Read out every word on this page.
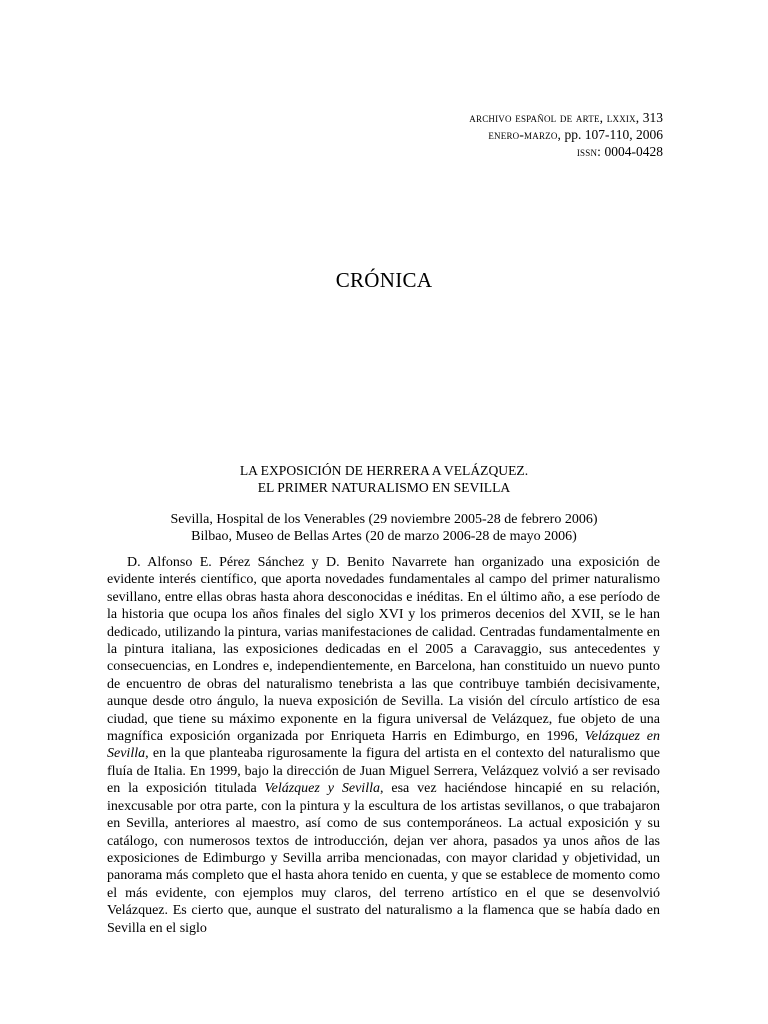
archivo español de arte, lxxix, 313
enero-marzo, pp. 107-110, 2006
issn: 0004-0428
CRÓNICA
LA EXPOSICIÓN DE HERRERA A VELÁZQUEZ.
EL PRIMER NATURALISMO EN SEVILLA
Sevilla, Hospital de los Venerables (29 noviembre 2005-28 de febrero 2006)
Bilbao, Museo de Bellas Artes (20 de marzo 2006-28 de mayo 2006)

D. Alfonso E. Pérez Sánchez y D. Benito Navarrete han organizado una exposición de evidente interés científico, que aporta novedades fundamentales al campo del primer naturalismo sevillano, entre ellas obras hasta ahora desconocidas e inéditas. En el último año, a ese período de la historia que ocupa los años finales del siglo XVI y los primeros decenios del XVII, se le han dedicado, utilizando la pintura, varias manifestaciones de calidad. Centradas fundamentalmente en la pintura italiana, las exposiciones dedicadas en el 2005 a Caravaggio, sus antecedentes y consecuencias, en Londres e, independientemente, en Barcelona, han constituido un nuevo punto de encuentro de obras del naturalismo tenebrista a las que contribuye también decisivamente, aunque desde otro ángulo, la nueva exposición de Sevilla. La visión del círculo artístico de esa ciudad, que tiene su máximo exponente en la figura universal de Velázquez, fue objeto de una magnífica exposición organizada por Enriqueta Harris en Edimburgo, en 1996, Velázquez en Sevilla, en la que planteaba rigurosamente la figura del artista en el contexto del naturalismo que fluía de Italia. En 1999, bajo la dirección de Juan Miguel Serrera, Velázquez volvió a ser revisado en la exposición titulada Velázquez y Sevilla, esa vez haciéndose hincapié en su relación, inexcusable por otra parte, con la pintura y la escultura de los artistas sevillanos, o que trabajaron en Sevilla, anteriores al maestro, así como de sus contemporáneos. La actual exposición y su catálogo, con numerosos textos de introducción, dejan ver ahora, pasados ya unos años de las exposiciones de Edimburgo y Sevilla arriba mencionadas, con mayor claridad y objetividad, un panorama más completo que el hasta ahora tenido en cuenta, y que se establece de momento como el más evidente, con ejemplos muy claros, del terreno artístico en el que se desenvolvió Velázquez. Es cierto que, aunque el sustrato del naturalismo a la flamenca que se había dado en Sevilla en el siglo
